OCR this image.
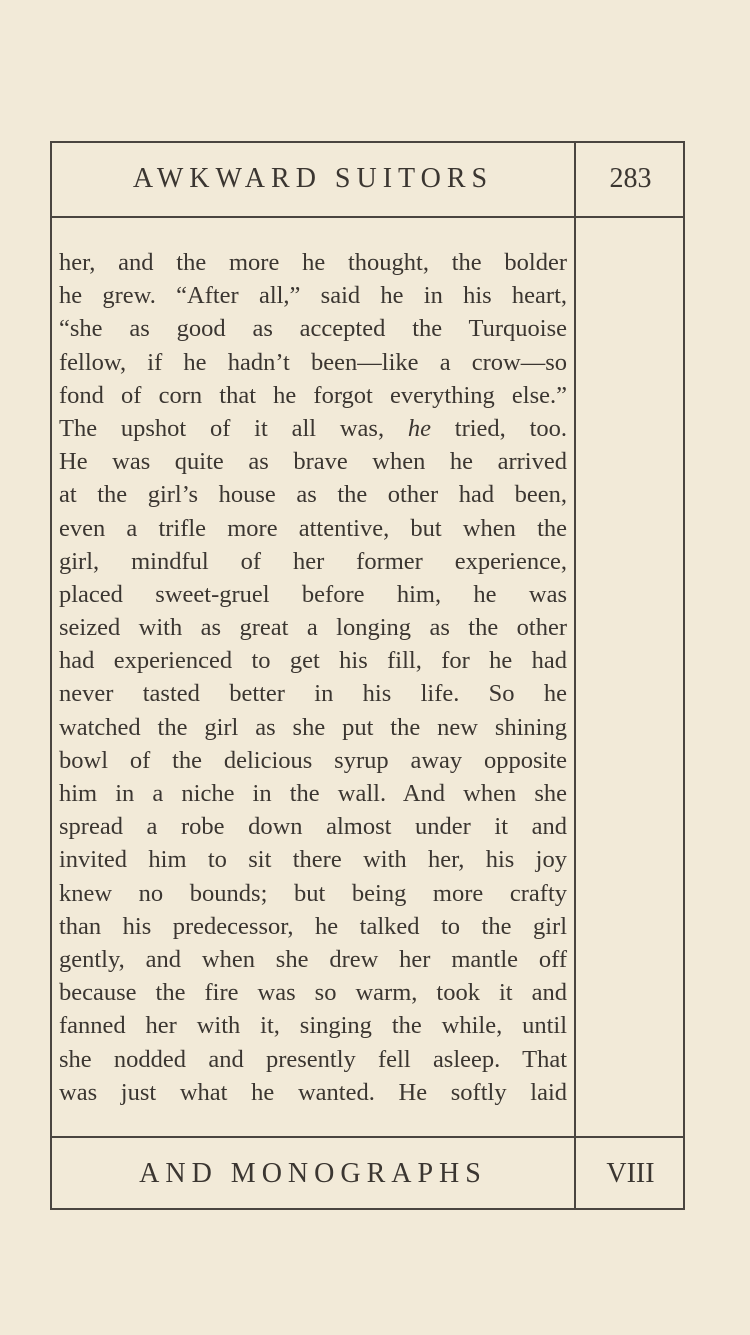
AWKWARD SUITORS	283
her, and the more he thought, the bolder
he grew. “After all,” said he in his heart,
“she as good as accepted the Turquoise
fellow, if he hadn’t been—like a crow—so
fond of corn that he forgot everything else.”
The upshot of it all was, he tried, too.
He was quite as brave when he arrived
at the girl’s house as the other had been,
even a trifle more attentive, but when the
girl, mindful of her former experience,
placed sweet-gruel before him, he was
seized with as great a longing as the other
had experienced to get his fill, for he had
never tasted better in his life. So he
watched the girl as she put the new shining
bowl of the delicious syrup away opposite
him in a niche in the wall. And when she
spread a robe down almost under it and
invited him to sit there with her, his joy
knew no bounds; but being more crafty
than his predecessor, he talked to the girl
gently, and when she drew her mantle off
because the fire was so warm, took it and
fanned her with it, singing the while, until
she nodded and presently fell asleep. That
was just what he wanted. He softly laid
AND MONOGRAPHS	VIII
